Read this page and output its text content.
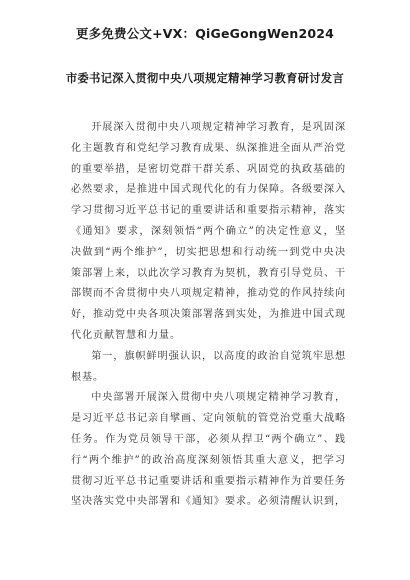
更多免费公文+VX：QiGeGongWen2024
市委书记深入贯彻中央八项规定精神学习教育研讨发言

开展深入贯彻中央八项规定精神学习教育，是巩固深化主题教育和党纪学习教育成果、纵深推进全面从严治党的重要举措，是密切党群干群关系、巩固党的执政基础的必然要求，是推进中国式现代化的有力保障。各级要深入学习贯彻习近平总书记的重要讲话和重要指示精神，落实《通知》要求，深刻领悟“两个确立”的决定性意义，坚决做到“两个维护”，切实把思想和行动统一到党中央决策部署上来，以此次学习教育为契机，教育引导党员、干部锲而不舍贯彻中央八项规定精神，推动党的作风持续向好，推动党中央各项决策部署落到实处，为推进中国式现代化贡献智慧和力量。

第一，旗帜鲜明强认识，以高度的政治自觉筑牢思想根基。

中央部署开展深入贯彻中央八项规定精神学习教育，是习近平总书记亲自擘画、定向领航的管党治党重大战略任务。作为党员领导干部，必须从捍卫“两个确立”、践行“两个维护”的政治高度深刻领悟其重大意义，把学习贯彻习近平总书记重要讲话和重要指示精神作为首要任务坚决落实党中央部署和《通知》要求。必须清醒认识到，
